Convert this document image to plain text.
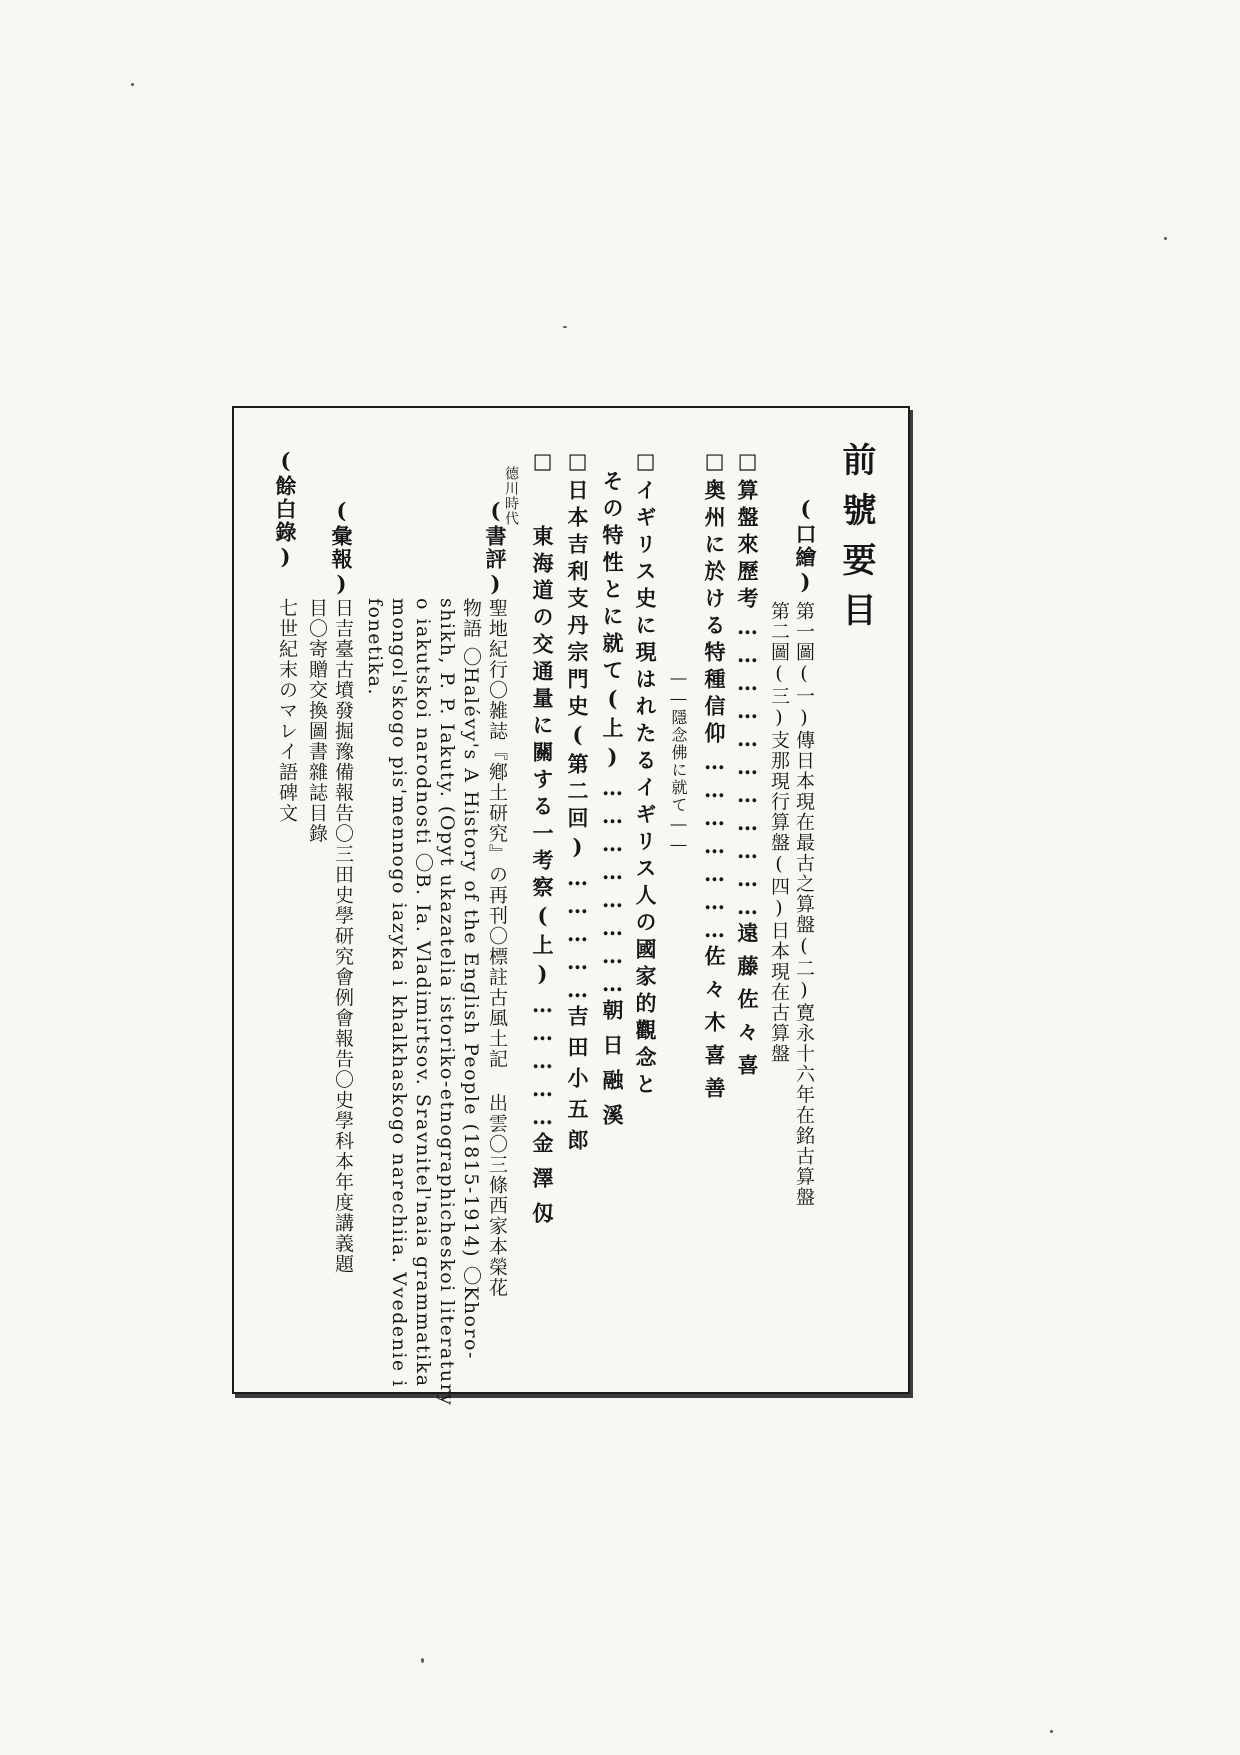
前號要目
(口繪)
第一圖(一)傳日本現在最古之算盤(二)寛永十六年在銘古算盤
第二圖(三)支那現行算盤(四)日本現在古算盤
□算盤來歷考……………………………遠藤佐々喜
□奥州に於ける特種信仰…………………佐々木喜善
――隱念佛に就て――
□イギリス史に現はれたるイギリス人の國家的觀念と
その特性とに就て(上)……………………朝日融溪
□日本吉利支丹宗門史(第二回)……………吉田小五郎
德川時代
□東海道の交通量に關する一考察(上)……………金澤仭
(書評)
聖地紀行〇雑誌『鄕土研究』の再刊〇標註古風土記 出雲〇三條西家本榮花
物語 〇Halévy's A History of the English People (1815-1914) 〇Khoro-
shikh, P. P. Iakuty. (Opyt ukazatelia istoriko-etnographicheskoi literatury
o iakutskoi narodnosti 〇B. Ia. Vladimirtsov. Sravnitel'naia grammatika
mongol'skogo pis'mennogo iazyka i khalkhaskogo narechiia. Vvedenie i
fonetika.
(彙報)
日吉臺古墳發掘豫備報告〇三田史學研究會例會報告〇史學科本年度講義題
目〇寄贈交換圖書雜誌目錄
(餘白錄)
七世紀末のマレイ語碑文
